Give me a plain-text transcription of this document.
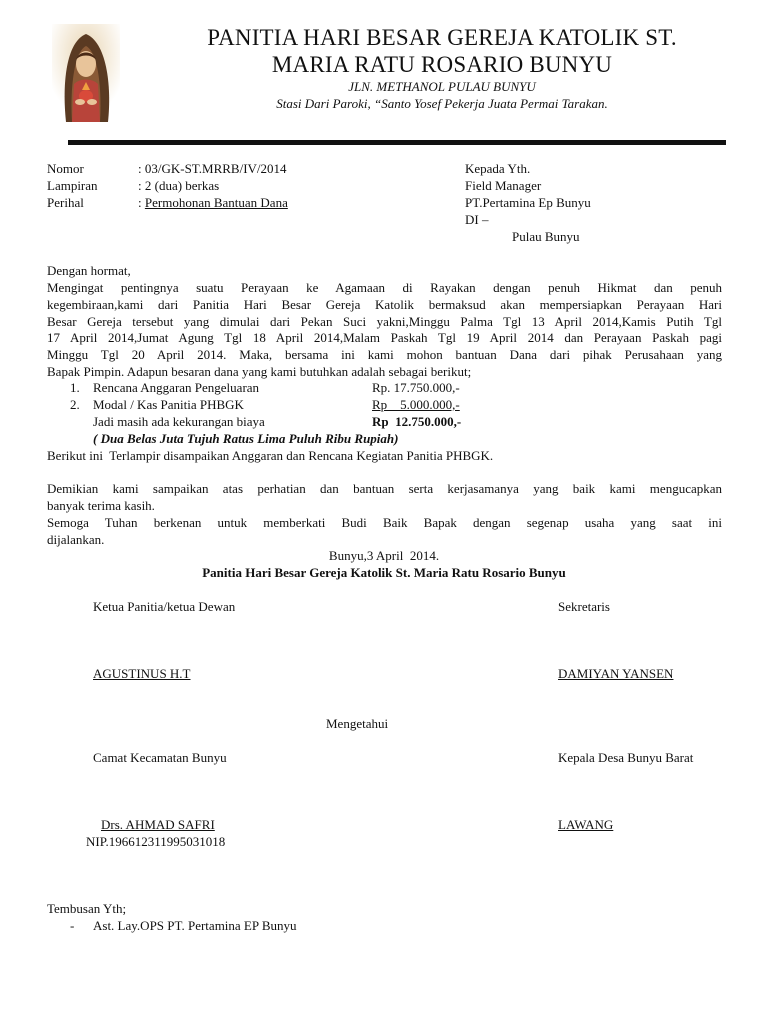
PANITIA HARI BESAR GEREJA KATOLIK ST.
MARIA RATU ROSARIO BUNYU
JLN. METHANOL PULAU BUNYU
Stasi Dari Paroki, “Santo Yosef Pekerja Juata Permai Tarakan.
Nomor	: 03/GK-ST.MRRB/IV/2014
Lampiran	: 2 (dua) berkas
Perihal	: Permohonan Bantuan Dana
Kepada Yth.
Field Manager
PT.Pertamina Ep Bunyu
DI –
Pulau Bunyu
Dengan hormat,
Mengingat pentingnya suatu Perayaan ke Agamaan di Rayakan dengan penuh Hikmat dan penuh
kegembiraan,kami dari Panitia Hari Besar Gereja Katolik bermaksud akan mempersiapkan Perayaan Hari
Besar Gereja tersebut yang dimulai dari Pekan Suci yakni,Minggu Palma Tgl 13 April 2014,Kamis Putih Tgl
17 April 2014,Jumat Agung Tgl 18 April 2014,Malam Paskah Tgl 19 April 2014 dan Perayaan Paskah pagi
Minggu Tgl 20 April 2014. Maka, bersama ini kami mohon bantuan Dana dari pihak Perusahaan yang
Bapak Pimpin. Adapun besaran dana yang kami butuhkan adalah sebagai berikut;
1. Rencana Anggaran Pengeluaran	Rp. 17.750.000,-
2. Modal / Kas Panitia PHBGK	Rp    5.000.000,-
Jadi masih ada kekurangan biaya	Rp  12.750.000,-
( Dua Belas Juta Tujuh Ratus Lima Puluh Ribu Rupiah)
Berikut ini  Terlampir disampaikan Anggaran dan Rencana Kegiatan Panitia PHBGK.
Demikian kami sampaikan atas perhatian dan bantuan serta kerjasamanya yang baik kami mengucapkan
banyak terima kasih.
Semoga Tuhan berkenan untuk memberkati Budi Baik Bapak dengan segenap usaha yang saat ini
dijalankan.
Bunyu,3 April  2014.
Panitia Hari Besar Gereja Katolik St. Maria Ratu Rosario Bunyu
Ketua Panitia/ketua Dewan	Sekretaris
AGUSTINUS H.T	DAMIYAN YANSEN
Mengetahui
Camat Kecamatan Bunyu	Kepala Desa Bunyu Barat
Drs. AHMAD SAFRI	LAWANG
NIP.196612311995031018
Tembusan Yth;
- Ast. Lay.OPS PT. Pertamina EP Bunyu
